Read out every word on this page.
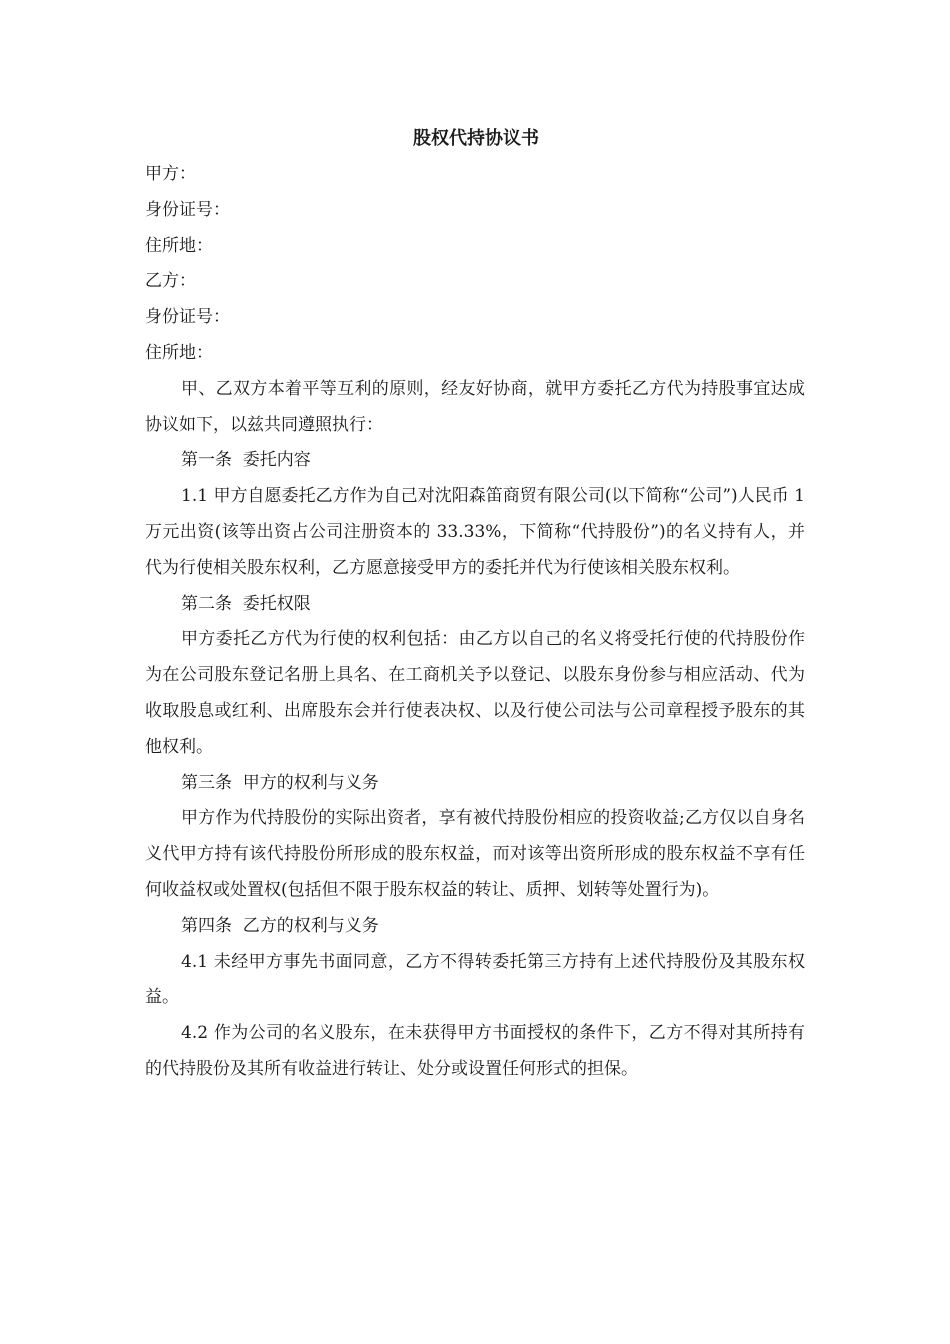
股权代持协议书

甲方：

身份证号：

住所地：

乙方：

身份证号：

住所地：

甲、乙双方本着平等互利的原则，经友好协商，就甲方委托乙方代为持股事宜达成协议如下，以兹共同遵照执行：

第一条  委托内容

1.1 甲方自愿委托乙方作为自己对沈阳森笛商贸有限公司(以下简称“公司”)人民币 1 万元出资(该等出资占公司注册资本的 33.33%，下简称“代持股份”)的名义持有人，并代为行使相关股东权利，乙方愿意接受甲方的委托并代为行使该相关股东权利。

第二条  委托权限

甲方委托乙方代为行使的权利包括：由乙方以自己的名义将受托行使的代持股份作为在公司股东登记名册上具名、在工商机关予以登记、以股东身份参与相应活动、代为收取股息或红利、出席股东会并行使表决权、以及行使公司法与公司章程授予股东的其他权利。

第三条  甲方的权利与义务

甲方作为代持股份的实际出资者，享有被代持股份相应的投资收益;乙方仅以自身名义代甲方持有该代持股份所形成的股东权益，而对该等出资所形成的股东权益不享有任何收益权或处置权(包括但不限于股东权益的转让、质押、划转等处置行为)。

第四条  乙方的权利与义务

4.1 未经甲方事先书面同意，乙方不得转委托第三方持有上述代持股份及其股东权益。

4.2 作为公司的名义股东，在未获得甲方书面授权的条件下，乙方不得对其所持有的代持股份及其所有收益进行转让、处分或设置任何形式的担保。
